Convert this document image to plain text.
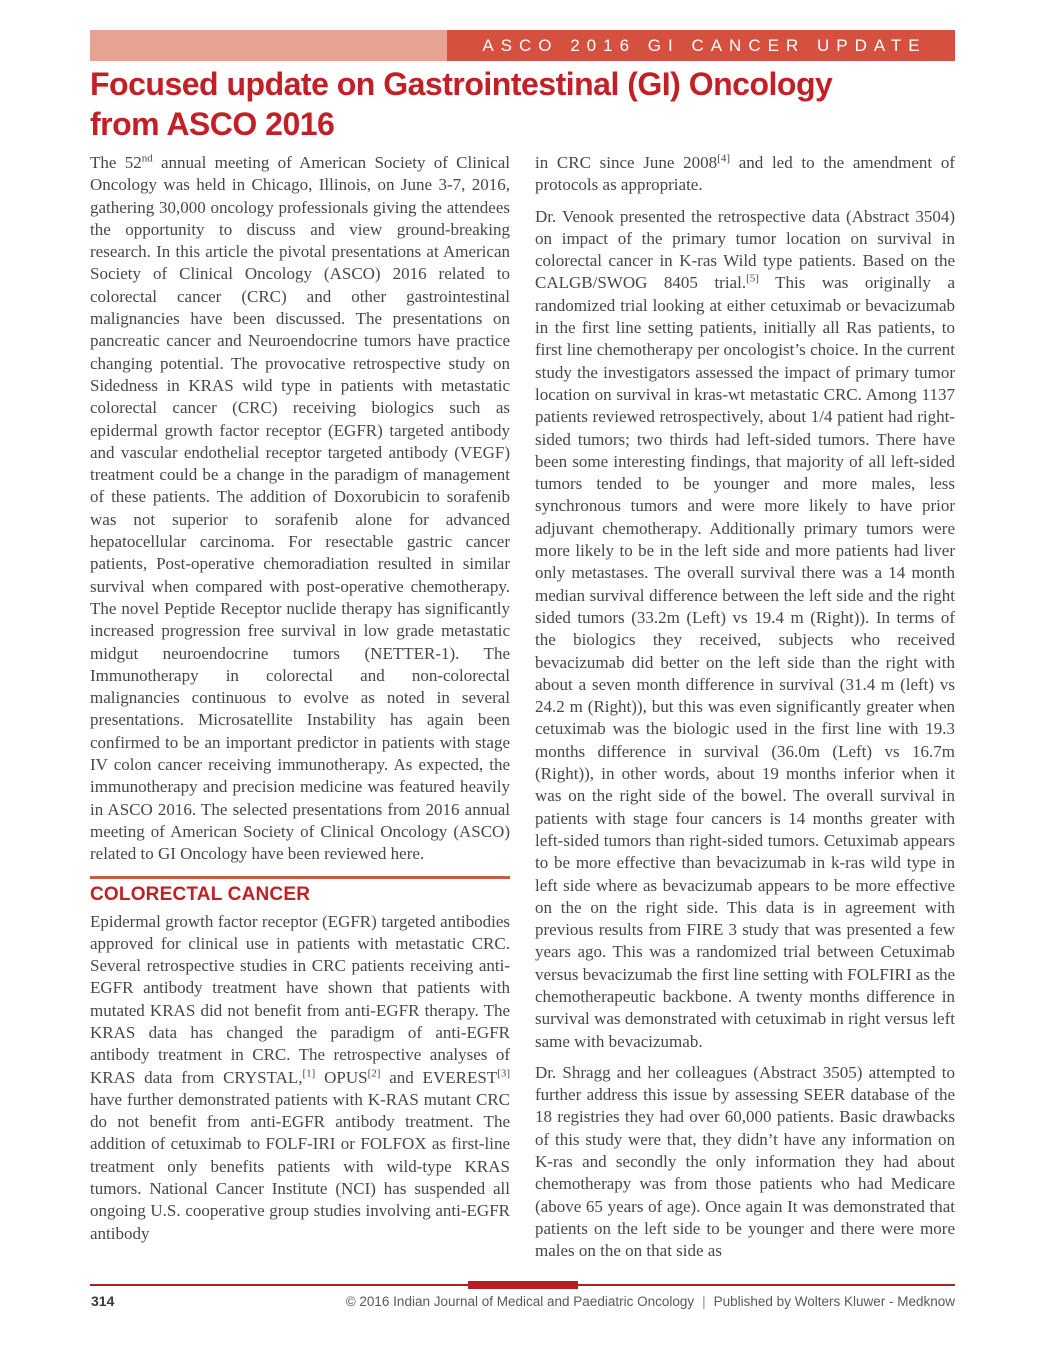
ASCO 2016 GI CANCER UPDATE
Focused update on Gastrointestinal (GI) Oncology
from ASCO 2016

The 52nd annual meeting of American Society of Clinical Oncology was held in Chicago, Illinois, on June 3-7, 2016, gathering 30,000 oncology professionals giving the attendees the opportunity to discuss and view ground-breaking research. In this article the pivotal presentations at American Society of Clinical Oncology (ASCO) 2016 related to colorectal cancer (CRC) and other gastrointestinal malignancies have been discussed. The presentations on pancreatic cancer and Neuroendocrine tumors have practice changing potential. The provocative retrospective study on Sidedness in KRAS wild type in patients with metastatic colorectal cancer (CRC) receiving biologics such as epidermal growth factor receptor (EGFR) targeted antibody and vascular endothelial receptor targeted antibody (VEGF) treatment could be a change in the paradigm of management of these patients. The addition of Doxorubicin to sorafenib was not superior to sorafenib alone for advanced hepatocellular carcinoma. For resectable gastric cancer patients, Post-operative chemoradiation resulted in similar survival when compared with post-operative chemotherapy. The novel Peptide Receptor nuclide therapy has significantly increased progression free survival in low grade metastatic midgut neuroendocrine tumors (NETTER-1). The Immunotherapy in colorectal and non-colorectal malignancies continuous to evolve as noted in several presentations. Microsatellite Instability has again been confirmed to be an important predictor in patients with stage IV colon cancer receiving immunotherapy. As expected, the immunotherapy and precision medicine was featured heavily in ASCO 2016. The selected presentations from 2016 annual meeting of American Society of Clinical Oncology (ASCO) related to GI Oncology have been reviewed here.

COLORECTAL CANCER

Epidermal growth factor receptor (EGFR) targeted antibodies approved for clinical use in patients with metastatic CRC. Several retrospective studies in CRC patients receiving anti-EGFR antibody treatment have shown that patients with mutated KRAS did not benefit from anti-EGFR therapy. The KRAS data has changed the paradigm of anti-EGFR antibody treatment in CRC. The retrospective analyses of KRAS data from CRYSTAL,[1] OPUS[2] and EVEREST[3] have further demonstrated patients with K-RAS mutant CRC do not benefit from anti-EGFR antibody treatment. The addition of cetuximab to FOLF-IRI or FOLFOX as first-line treatment only benefits patients with wild-type KRAS tumors. National Cancer Institute (NCI) has suspended all ongoing U.S. cooperative group studies involving anti-EGFR antibody

in CRC since June 2008[4] and led to the amendment of protocols as appropriate.

Dr. Venook presented the retrospective data (Abstract 3504) on impact of the primary tumor location on survival in colorectal cancer in K-ras Wild type patients. Based on the CALGB/SWOG 8405 trial.[5] This was originally a randomized trial looking at either cetuximab or bevacizumab in the first line setting patients, initially all Ras patients, to first line chemotherapy per oncologist’s choice. In the current study the investigators assessed the impact of primary tumor location on survival in kras-wt metastatic CRC. Among 1137 patients reviewed retrospectively, about 1/4 patient had right-sided tumors; two thirds had left-sided tumors. There have been some interesting findings, that majority of all left-sided tumors tended to be younger and more males, less synchronous tumors and were more likely to have prior adjuvant chemotherapy. Additionally primary tumors were more likely to be in the left side and more patients had liver only metastases. The overall survival there was a 14 month median survival difference between the left side and the right sided tumors (33.2m (Left) vs 19.4 m (Right)). In terms of the biologics they received, subjects who received bevacizumab did better on the left side than the right with about a seven month difference in survival (31.4 m (left) vs 24.2 m (Right)), but this was even significantly greater when cetuximab was the biologic used in the first line with 19.3 months difference in survival (36.0m (Left) vs 16.7m (Right)), in other words, about 19 months inferior when it was on the right side of the bowel. The overall survival in patients with stage four cancers is 14 months greater with left-sided tumors than right-sided tumors. Cetuximab appears to be more effective than bevacizumab in k-ras wild type in left side where as bevacizumab appears to be more effective on the on the right side. This data is in agreement with previous results from FIRE 3 study that was presented a few years ago. This was a randomized trial between Cetuximab versus bevacizumab the first line setting with FOLFIRI as the chemotherapeutic backbone. A twenty months difference in survival was demonstrated with cetuximab in right versus left same with bevacizumab.

Dr. Shragg and her colleagues (Abstract 3505) attempted to further address this issue by assessing SEER database of the 18 registries they had over 60,000 patients. Basic drawbacks of this study were that, they didn’t have any information on K-ras and secondly the only information they had about chemotherapy was from those patients who had Medicare (above 65 years of age). Once again It was demonstrated that patients on the left side to be younger and there were more males on the on that side as

314	© 2016 Indian Journal of Medical and Paediatric Oncology | Published by Wolters Kluwer - Medknow
